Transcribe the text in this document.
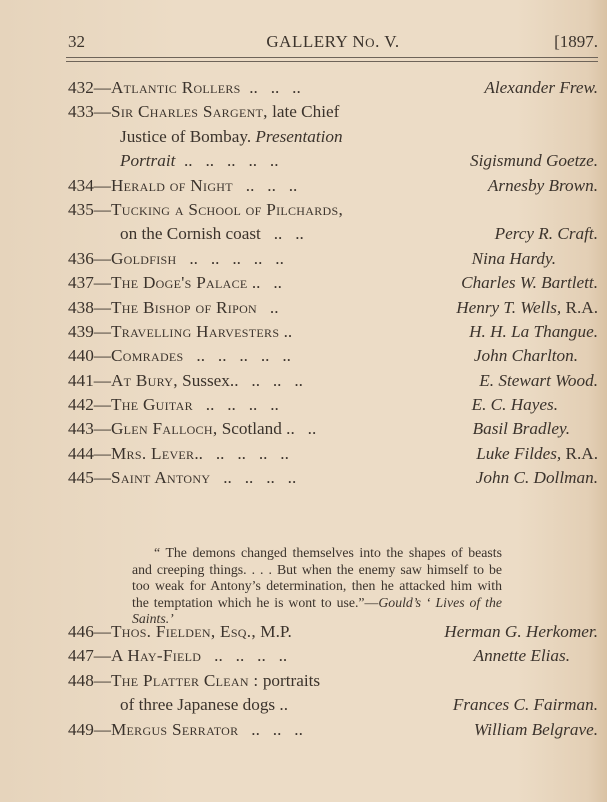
32	GALLERY NO. V.	[1897.
432—Atlantic Rollers  ..   ..   ..	Alexander Frew.
433—Sir Charles Sargent, late Chief
Justice of Bombay. Presentation
Portrait  ..   ..   ..   ..   ..	Sigismund Goetze.
434—Herald of Night   ..   ..   ..	Arnesby Brown.
435—Tucking a School of Pilchards,
on the Cornish coast   ..   ..	Percy R. Craft.
436—Goldfish   ..   ..   ..   ..   ..	Nina Hardy.
437—The Doge's Palace ..   ..	Charles W. Bartlett.
438—The Bishop of Ripon   ..	Henry T. Wells, R.A.
439—Travelling Harvesters ..	H. H. La Thangue.
440—Comrades   ..   ..   ..   ..   ..	John Charlton.
441—At Bury, Sussex..   ..   ..   ..	E. Stewart Wood.
442—The Guitar   ..   ..   ..   ..	E. C. Hayes.
443—Glen Falloch, Scotland ..   ..	Basil Bradley.
444—Mrs. Lever..   ..   ..   ..   ..	Luke Fildes, R.A.
445—Saint Antony   ..   ..   ..   ..	John C. Dollman.
“ The demons changed themselves into the shapes of beasts and creeping things. . . . But when the enemy saw himself to be too weak for Antony’s determination, then he attacked him with the temptation which he is wont to use.”—Gould’s ‘ Lives of the Saints.’
446—Thos. Fielden, Esq., M.P.	Herman G. Herkomer.
447—A Hay-Field   ..   ..   ..   ..	Annette Elias.
448—The Platter Clean : portraits
of three Japanese dogs ..	Frances C. Fairman.
449—Mergus Serrator   ..   ..   ..	William Belgrave.
